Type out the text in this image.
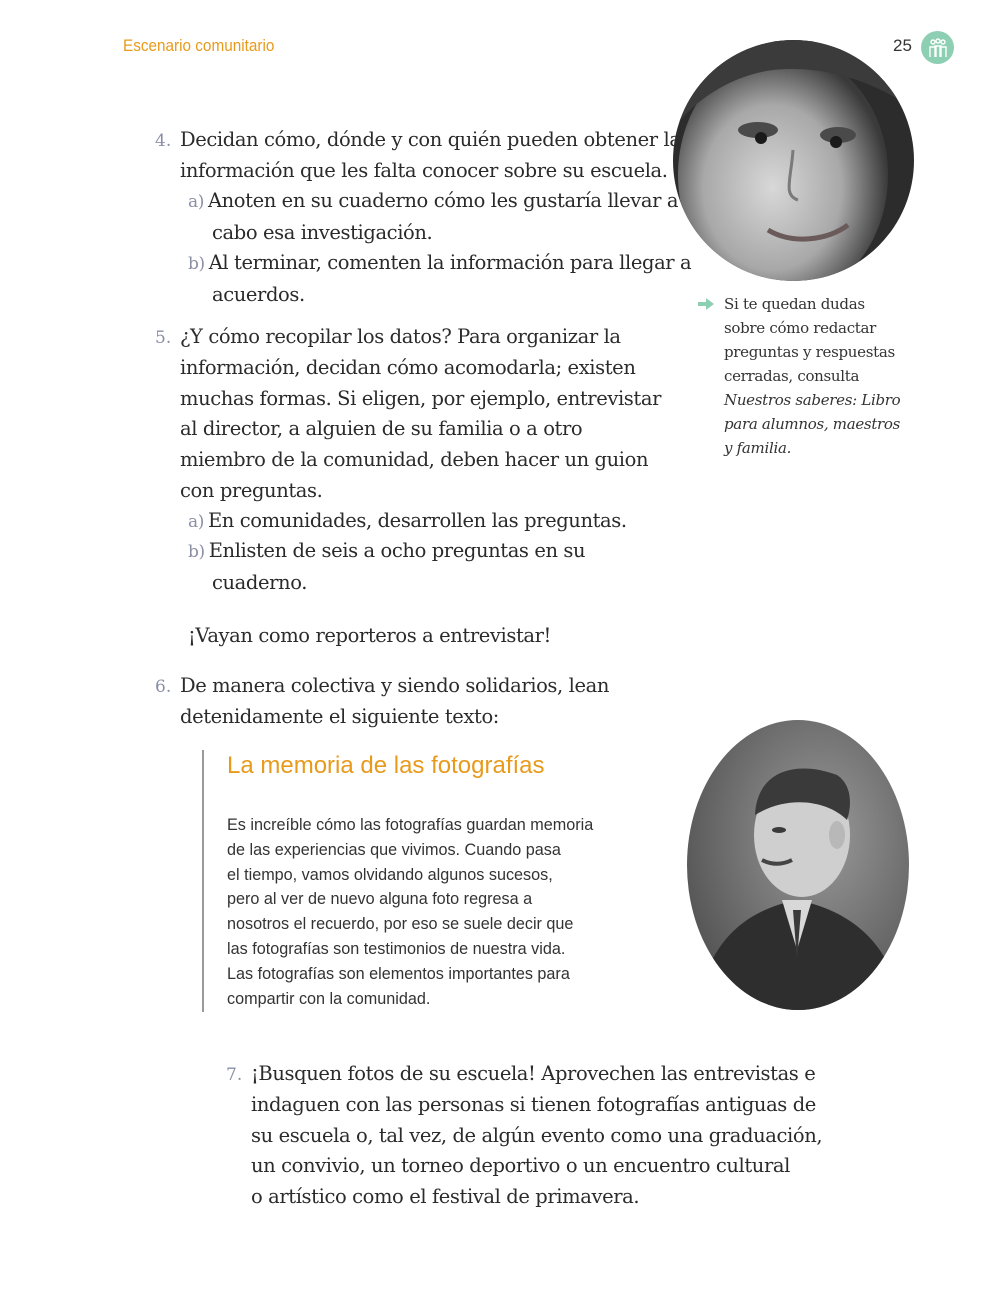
Escenario comunitario	25
4. Decidan cómo, dónde y con quién pueden obtener la
información que les falta conocer sobre su escuela.
a) Anoten en su cuaderno cómo les gustaría llevar a
cabo esa investigación.
b) Al terminar, comenten la información para llegar a
acuerdos.
5. ¿Y cómo recopilar los datos? Para organizar la
información, decidan cómo acomodarla; existen
muchas formas. Si eligen, por ejemplo, entrevistar
al director, a alguien de su familia o a otro
miembro de la comunidad, deben hacer un guion
con preguntas.
a) En comunidades, desarrollen las preguntas.
b) Enlisten de seis a ocho preguntas en su
cuaderno.
¡Vayan como reporteros a entrevistar!
Si te quedan dudas
sobre cómo redactar
preguntas y respuestas
cerradas, consulta
Nuestros saberes: Libro
para alumnos, maestros
y familia.
6. De manera colectiva y siendo solidarios, lean
detenidamente el siguiente texto:
La memoria de las fotografías
Es increíble cómo las fotografías guardan memoria
de las experiencias que vivimos. Cuando pasa
el tiempo, vamos olvidando algunos sucesos,
pero al ver de nuevo alguna foto regresa a
nosotros el recuerdo, por eso se suele decir que
las fotografías son testimonios de nuestra vida.
Las fotografías son elementos importantes para
compartir con la comunidad.
7. ¡Busquen fotos de su escuela! Aprovechen las entrevistas e
indaguen con las personas si tienen fotografías antiguas de
su escuela o, tal vez, de algún evento como una graduación,
un convivio, un torneo deportivo o un encuentro cultural
o artístico como el festival de primavera.
